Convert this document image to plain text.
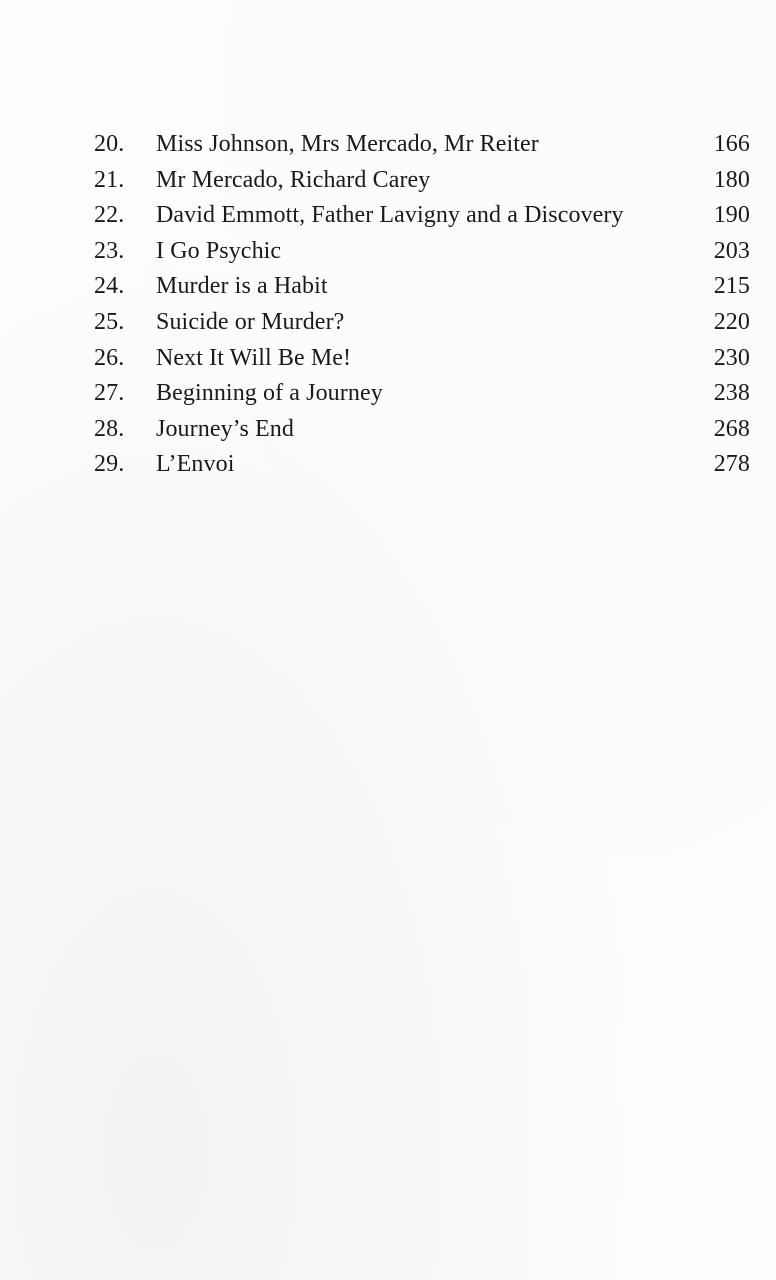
20.	Miss Johnson, Mrs Mercado, Mr Reiter	166
21.	Mr Mercado, Richard Carey	180
22.	David Emmott, Father Lavigny and a Discovery	190
23.	I Go Psychic	203
24.	Murder is a Habit	215
25.	Suicide or Murder?	220
26.	Next It Will Be Me!	230
27.	Beginning of a Journey	238
28.	Journey’s End	268
29.	L’Envoi	278
